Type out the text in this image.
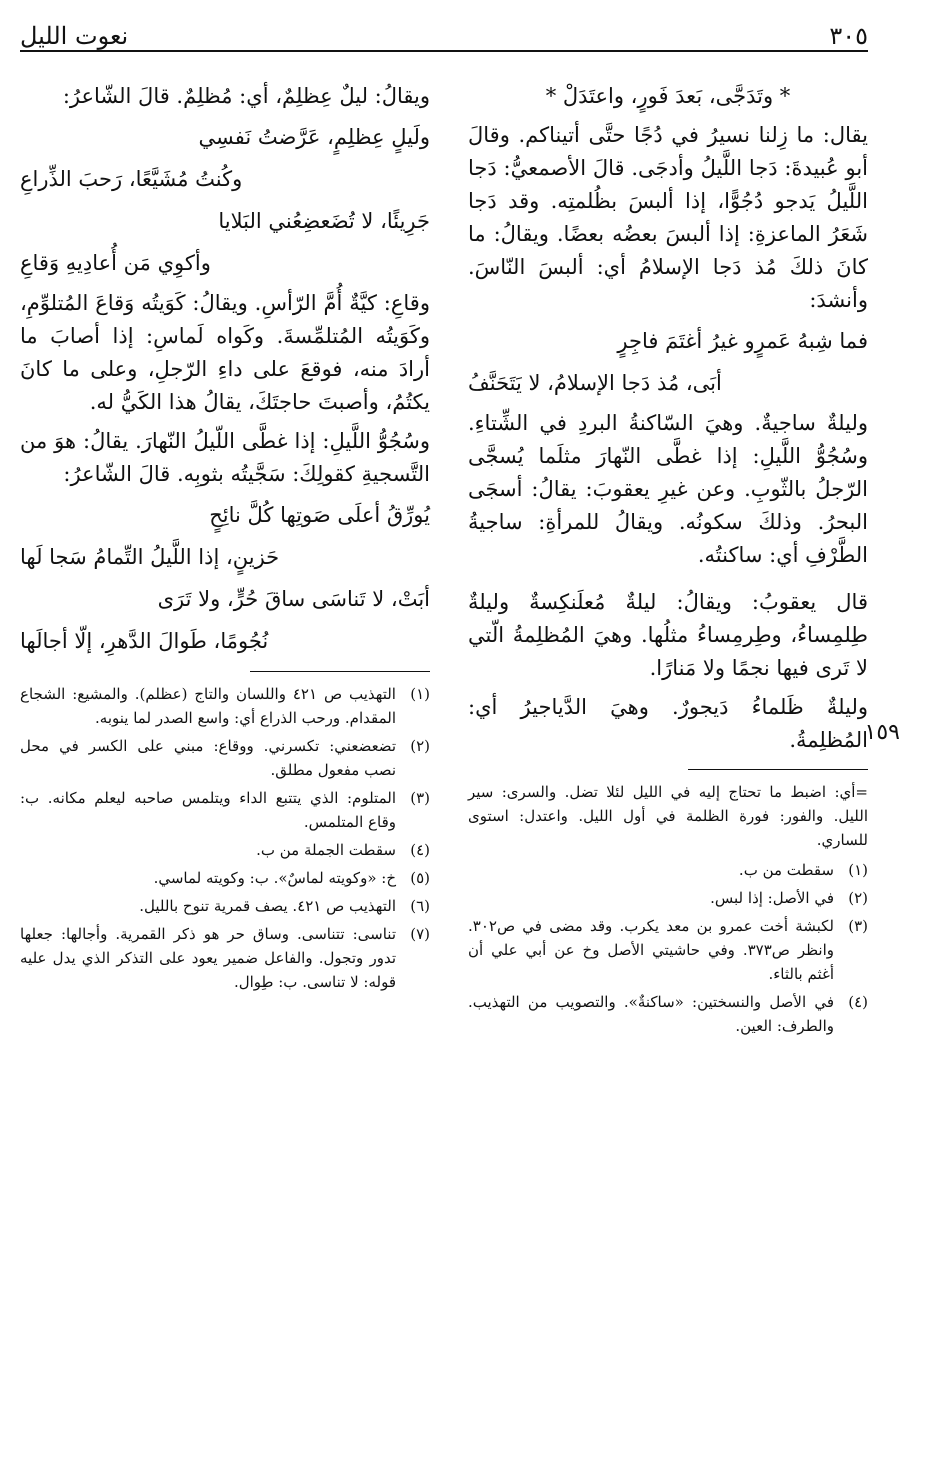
٣٠٥
نعوت الليل
١٥٩
* وتَدَجَّى، بَعدَ فَورٍ، واعتَدَلْ *
يقال: ما زِلنا نسيرُ في دُجًا حتَّى أتيناكم. وقالَ أبو عُبيدةَ: دَجا اللَّيلُ وأدجَى. قالَ الأصمعيُّ: دَجا اللَّيلُ يَدجو دُجُوًّا، إذا ألبسَ بظُلمتِه. وقد دَجا شَعَرُ الماعزةِ: إذا ألبسَ بعضُه بعضًا. ويقالُ: ما كانَ ذلكَ مُذ دَجا الإسلامُ أي: ألبسَ النّاسَ. وأنشدَ:
فما شِبهُ عَمرٍو غيرُ أغتَمَ فاجِرٍ
أبَى، مُذ دَجا الإسلامُ، لا يَتَحَنَّفُ
وليلةٌ ساجيةٌ. وهيَ السّاكنةُ البردِ في الشِّتاءِ. وسُجُوُّ اللَّيلِ: إذا غطَّى النّهارَ مثلَما يُسجَّى الرّجلُ بالثّوبِ. وعن غيرِ يعقوبَ: يقالُ: أسجَى البحرُ. وذلكَ سكونُه. ويقالُ للمرأةِ: ساجيةُ الطَّرْفِ أي: ساكنتُه.
قال يعقوبُ: ويقالُ: ليلةٌ مُعلَنكِسةٌ وليلةٌ طِلمِساءُ، وطِرمِساءُ مثلُها. وهيَ المُظلِمةُ الّتي لا تَرى فيها نجمًا ولا مَنارًا.
وليلةٌ ظَلماءُ دَيجورٌ. وهيَ الدَّياجيرُ أي: المُظلِمةُ.
=أي: اضبط ما تحتاج إليه في الليل لئلا تضل. والسرى: سير الليل. والفور: فورة الظلمة في أول الليل. واعتدل: استوى للساري.
(١)
سقطت من ب.
(٢)
في الأصل: إذا لبس.
(٣)
لكبشة أخت عمرو بن معد يكرب. وقد مضى في ص٣٠٢. وانظر ص٣٧٣. وفي حاشيتي الأصل وخ عن أبي علي أن أغثم بالثاء.
(٤)
في الأصل والنسختين: «ساكنةٌ». والتصويب من التهذيب. والطرف: العين.
ويقالُ: ليلٌ عِظلِمٌ، أي: مُظلِمٌ. قالَ الشّاعرُ:
ولَيلٍ عِظلِمٍ، عَرَّضتُ نَفسِي
وكُنتُ مُشَيَّعًا، رَحبَ الذِّراعِ
جَرِيئًا، لا تُضَعضِعُني البَلايا
وأكوِي مَن أُعادِيهِ وَقاعِ
وقاعِ: كيَّةٌ أُمَّ الرّأسِ. ويقالُ: كَوَيتُه وَقاعَ المُتلوِّمِ، وكَوَيتُه المُتلمِّسةَ. وكَواه لَماسِ: إذا أصابَ ما أرادَ منه، فوقعَ على داءِ الرّجلِ، وعلى ما كانَ يكتُمُ، وأصبتَ حاجتَكَ، يقالُ هذا الكَيُّ له.
وسُجُوُّ اللَّيلِ: إذا غطَّى اللّيلُ النّهارَ. يقالُ: هوَ من التَّسجيةِ كقولِكَ: سَجَّيتُه بثوبِه. قالَ الشّاعرُ:
يُورِّقُ أعلَى صَوتِها كُلَّ نائِحٍ
حَزينٍ، إذا اللَّيلُ التِّمامُ سَجا لَها
أبَتْ، لا تَناسَى ساقَ حُرٍّ، ولا تَرَى
نُجُومًا، طَوالَ الدَّهرِ، إلّا أجالَها
(١)
التهذيب ص ٤٢١ واللسان والتاج (عظلم). والمشيع: الشجاع المقدام. ورحب الذراع أي: واسع الصدر لما ينوبه.
(٢)
تضعضعني: تكسرني. ووقاع: مبني على الكسر في محل نصب مفعول مطلق.
(٣)
المتلوم: الذي يتتبع الداء ويتلمس صاحبه ليعلم مكانه. ب: وقاع المتلمس.
(٤)
سقطت الجملة من ب.
(٥)
خ: «وكويته لماسٌ». ب: وكويته لماسي.
(٦)
التهذيب ص ٤٢١. يصف قمرية تنوح بالليل.
(٧)
تناسى: تتناسى. وساق حر هو ذكر القمرية. وأجالها: جعلها تدور وتجول. والفاعل ضمير يعود على التذكر الذي يدل عليه قوله: لا تناسى. ب: طِوال.
